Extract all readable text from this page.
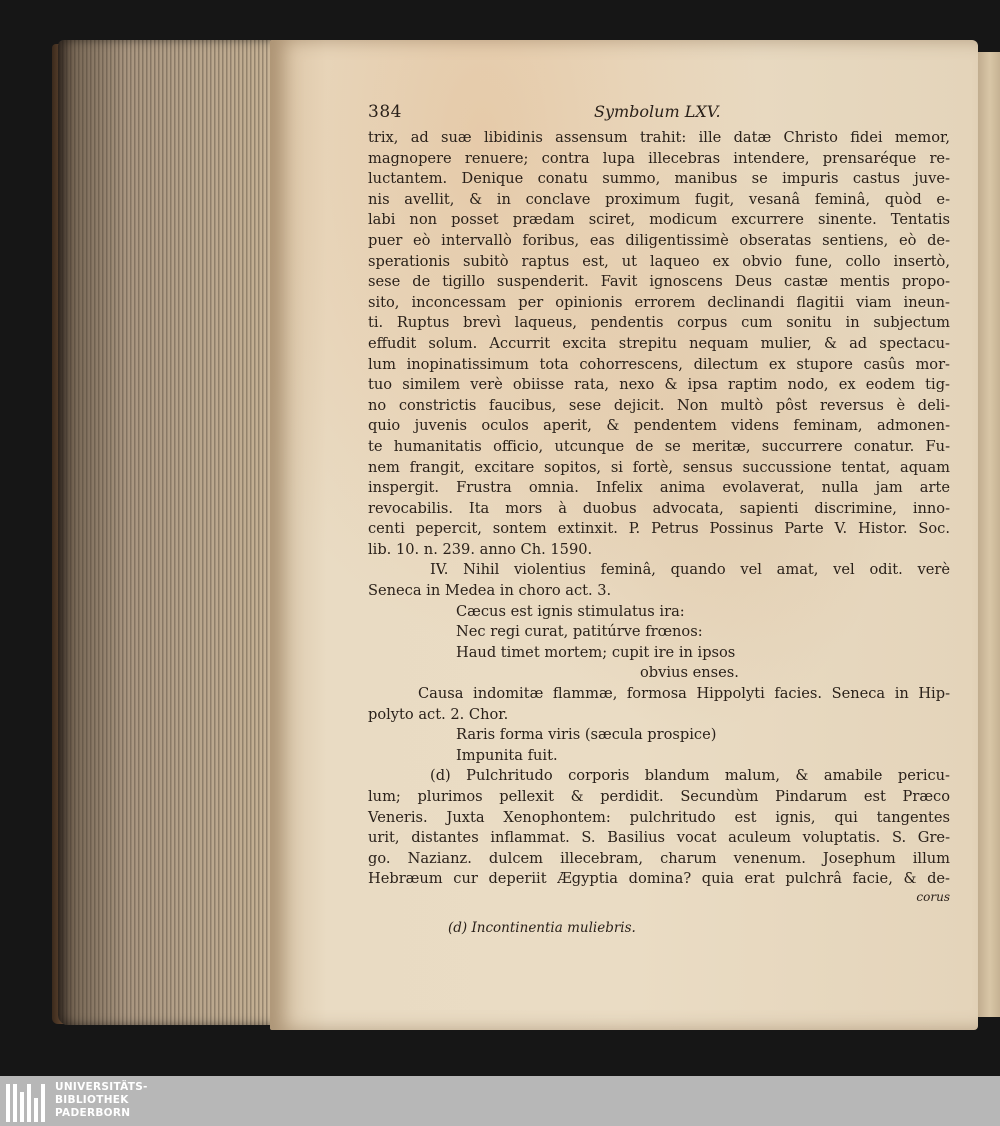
384	Symbolum LXV.
trix, ad suæ libidinis assensum trahit: ille datæ Christo fidei memor,
magnopere renuere; contra lupa illecebras intendere, prensaréque re-
luctantem. Denique conatu summo, manibus se impuris castus juve-
nis avellit, & in conclave proximum fugit, vesanâ feminâ, quòd e-
labi non posset prædam sciret, modicum excurrere sinente. Tentatis
puer eò intervallò foribus, eas diligentissimè obseratas sentiens, eò de-
sperationis subitò raptus est, ut laqueo ex obvio fune, collo insertò,
sese de tigillo suspenderit. Favit ignoscens Deus castæ mentis propo-
sito, inconcessam per opinionis errorem declinandi flagitii viam ineun-
ti. Ruptus brevì laqueus, pendentis corpus cum sonitu in subjectum
effudit solum. Accurrit excita strepitu nequam mulier, & ad spectacu-
lum inopinatissimum tota cohorrescens, dilectum ex stupore casûs mor-
tuo similem verè obiisse rata, nexo & ipsa raptim nodo, ex eodem tig-
no constrictis faucibus, sese dejicit. Non multò pôst reversus è deli-
quio juvenis oculos aperit, & pendentem videns feminam, admonen-
te humanitatis officio, utcunque de se meritæ, succurrere conatur. Fu-
nem frangit, excitare sopitos, si fortè, sensus succussione tentat, aquam
inspergit. Frustra omnia. Infelix anima evolaverat, nulla jam arte
revocabilis. Ita mors à duobus advocata, sapienti discrimine, inno-
centi pepercit, sontem extinxit. P. Petrus Possinus Parte V. Histor. Soc.
lib. 10. n. 239. anno Ch. 1590.
IV. Nihil violentius feminâ, quando vel amat, vel odit. verè
Seneca in Medea in choro act. 3.
Cæcus est ignis stimulatus ira:
Nec regi curat, patitúrve frœnos:
Haud timet mortem; cupit ire in ipsos
obvius enses.
Causa indomitæ flammæ, formosa Hippolyti facies. Seneca in Hip-
polyto act. 2. Chor.
Raris forma viris (sæcula prospice)
Impunita fuit.
(d) Pulchritudo corporis blandum malum, & amabile pericu-
lum; plurimos pellexit & perdidit. Secundùm Pindarum est Præco
Veneris. Juxta Xenophontem: pulchritudo est ignis, qui tangentes
urit, distantes inflammat. S. Basilius vocat aculeum voluptatis. S. Gre-
go. Nazianz. dulcem illecebram, charum venenum. Josephum illum
Hebræum cur deperiit Ægyptia domina? quia erat pulchrâ facie, & de-
corus
(d) Incontinentia muliebris.
UNIVERSITÄTS-
BIBLIOTHEK
PADERBORN
